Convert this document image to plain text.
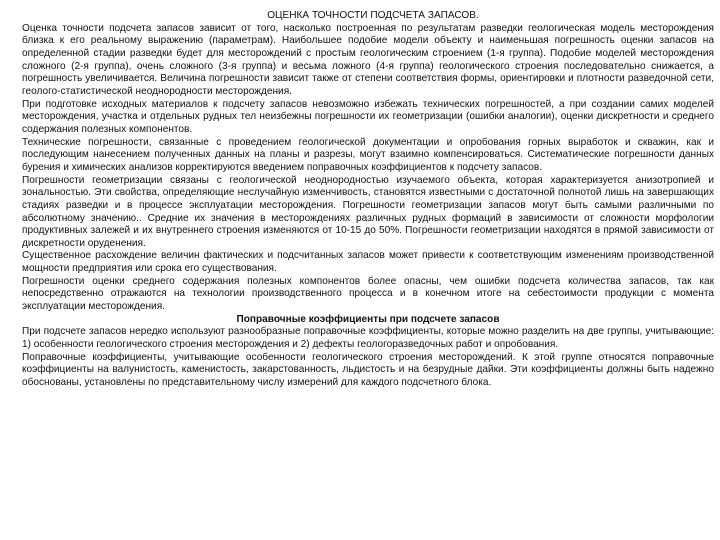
ОЦЕНКА ТОЧНОСТИ ПОДСЧЕТА ЗАПАСОВ.

Оценка точности подсчета запасов зависит от того, насколько построенная по результатам разведки геологическая модель месторождения близка к его реальному выражению (параметрам). Наибольшее подобие модели объекту и наименьшая погрешность оценки запасов на определенной стадии разведки будет для месторождений с простым геологическим строением (1-я группа). Подобие моделей месторождения сложного (2-я группа), очень сложного (3-я группа) и весьма ложного (4-я группа) геологического строения последовательно снижается, а погрешность увеличивается. Величина погрешности зависит также от степени соответствия формы, ориентировки и плотности разведочной сети, геолого-статистической неоднородности месторождения.

При подготовке исходных материалов к подсчету запасов невозможно избежать технических погрешностей, а при создании самих моделей месторождения, участка и отдельных рудных тел неизбежны погрешности их геометризации (ошибки аналогии), оценки дискретности и среднего содержания полезных компонентов.

Технические погрешности, связанные с проведением геологической документации и опробования горных выработок и скважин, как и последующим нанесением полученных данных на планы и разрезы, могут взаимно компенсироваться. Систематические погрешности данных бурения и химических анализов корректируются введением поправочных коэффициентов к подсчету запасов.

Погрешности геометризации связаны с геологической неоднородностью изучаемого объекта, которая характеризуется анизотропией и зональностью. Эти свойства, определяющие неслучайную изменчивость, становятся известными с достаточной полнотой лишь на завершающих стадиях разведки и в процессе эксплуатации месторождения. Погрешности геометризации запасов могут быть самыми различными по абсолютному значению.. Средние их значения в месторождениях различных рудных формаций в зависимости от сложности морфологии продуктивных залежей и их внутреннего строения изменяются от 10-15 до 50%. Погрешности геометризации находятся в прямой зависимости от дискретности оруденения.

Существенное расхождение величин фактических и подсчитанных запасов может привести к соответствующим изменениям производственной мощности предприятия или срока его существования.

Погрешности оценки среднего содержания полезных компонентов более опасны, чем ошибки подсчета количества запасов, так как непосредственно отражаются на технологии производственного процесса и в конечном итоге на себестоимости продукции с момента эксплуатации месторождения.

Поправочные коэффициенты при подсчете запасов

При подсчете запасов нередко используют разнообразные поправочные коэффициенты, которые можно разделить на две группы, учитывающие: 1) особенности геологического строения месторождения и 2) дефекты геологоразведочных работ и опробования.

Поправочные коэффициенты, учитывающие особенности геологического строения месторождений. К этой группе относятся поправочные коэффициенты на валунистость, каменистость, закарстованность, льдистость и на безрудные дайки. Эти коэффициенты должны быть надежно обоснованы, установлены по представительному числу измерений для каждого подсчетного блока.
